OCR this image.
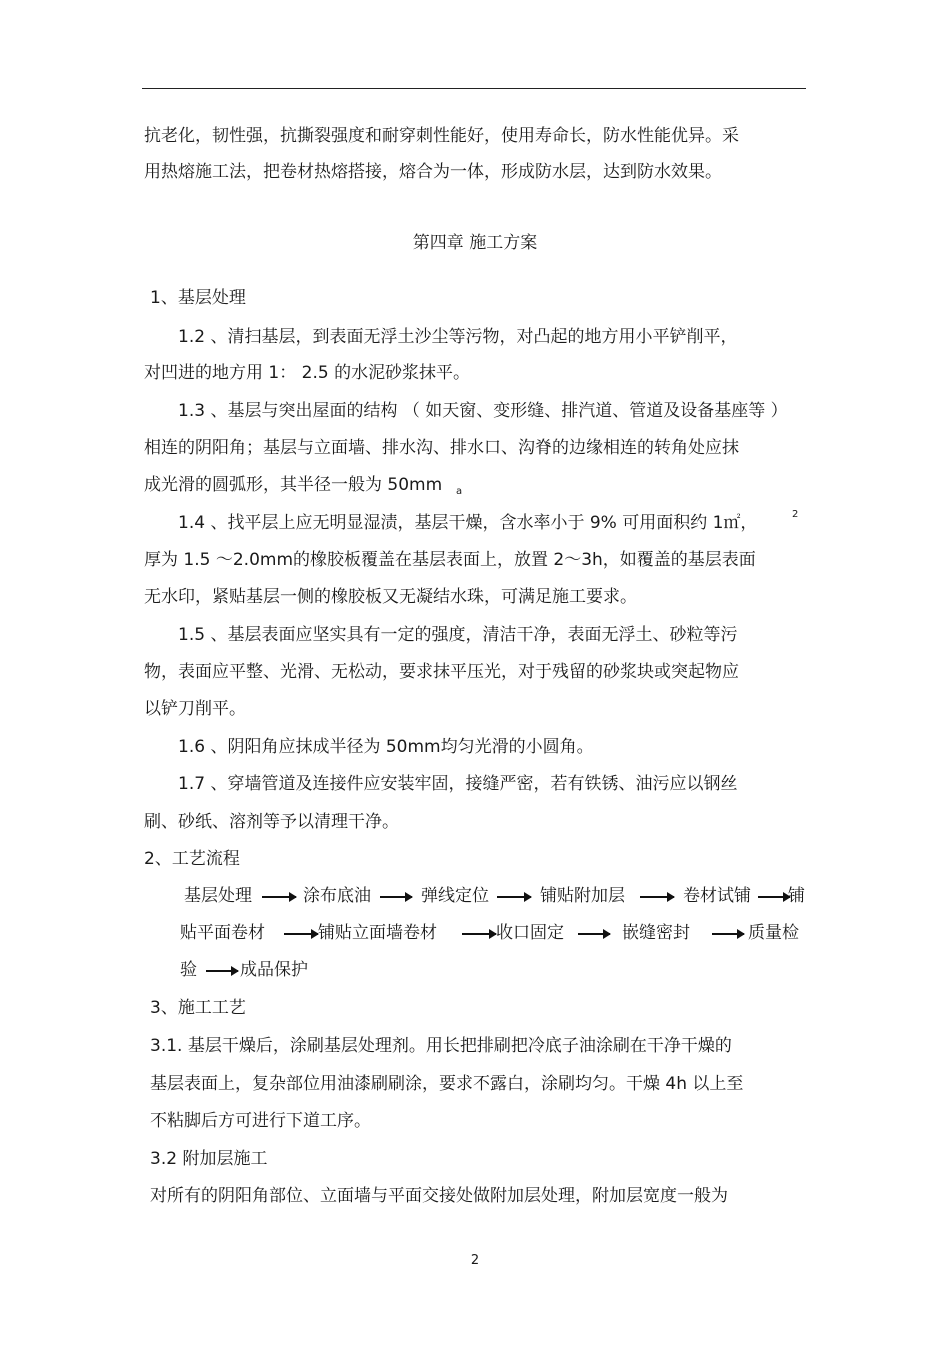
抗老化，韧性强，抗撕裂强度和耐穿刺性能好，使用寿命长，防水性能优异。采
用热熔施工法，把卷材热熔搭接，熔合为一体，形成防水层，达到防水效果。
第四章 施工方案
1、基层处理
1.2 、清扫基层，到表面无浮土沙尘等污物，对凸起的地方用小平铲削平，
对凹进的地方用 1： 2.5 的水泥砂浆抹平。
1.3 、基层与突出屋面的结构 （ 如天窗、变形缝、排汽道、管道及设备基座等 ）
相连的阴阳角；基层与立面墙、排水沟、排水口、沟脊的边缘相连的转角处应抹
成光滑的圆弧形，其半径一般为 50mm a
1.4 、找平层上应无明显湿渍，基层干燥，含水率小于 9% 可用面积约 1㎡，	2
厚为 1.5 ～2.0mm的橡胶板覆盖在基层表面上，放置 2～3h，如覆盖的基层表面
无水印，紧贴基层一侧的橡胶板又无凝结水珠，可满足施工要求。
1.5 、基层表面应坚实具有一定的强度，清洁干净，表面无浮土、砂粒等污
物，表面应平整、光滑、无松动，要求抹平压光，对于残留的砂浆块或突起物应
以铲刀削平。
1.6 、阴阳角应抹成半径为 50mm均匀光滑的小圆角。
1.7 、穿墙管道及连接件应安装牢固，接缝严密，若有铁锈、油污应以钢丝
刷、砂纸、溶剂等予以清理干净。
2、工艺流程
基层处理	涂布底油	弹线定位	铺贴附加层	卷材试铺 铺
贴平面卷材	铺贴立面墙卷材	收口固定	嵌缝密封	质量检
验	成品保护
3、施工工艺
3.1. 基层干燥后，涂刷基层处理剂。用长把排刷把冷底子油涂刷在干净干燥的
基层表面上，复杂部位用油漆刷刷涂，要求不露白，涂刷均匀。干燥 4h 以上至
不粘脚后方可进行下道工序。
3.2 附加层施工
对所有的阴阳角部位、立面墙与平面交接处做附加层处理，附加层宽度一般为
2
